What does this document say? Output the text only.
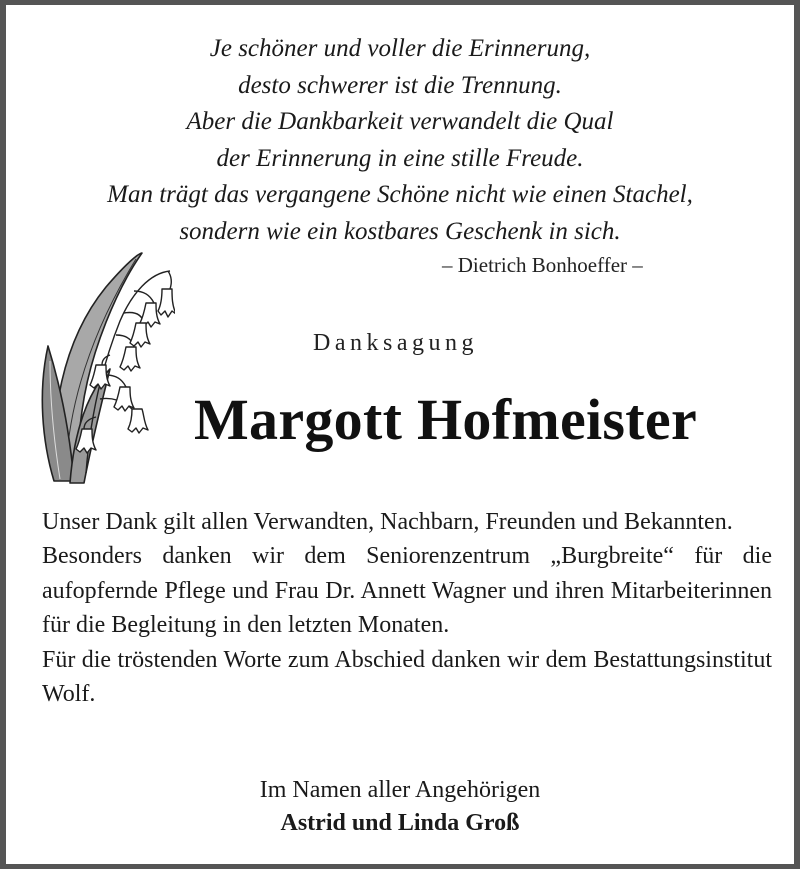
Je schöner und voller die Erinnerung,
desto schwerer ist die Trennung.
Aber die Dankbarkeit verwandelt die Qual
der Erinnerung in eine stille Freude.
Man trägt das vergangene Schöne nicht wie einen Stachel,
sondern wie ein kostbares Geschenk in sich.
– Dietrich Bonhoeffer –
Danksagung
Margott Hofmeister

Unser Dank gilt allen Verwandten, Nachbarn, Freunden und Bekannten.

Besonders danken wir dem Seniorenzentrum „Burgbreite“ für die aufopfernde Pflege und Frau Dr. Annett Wagner und ihren Mitarbeiterinnen für die Begleitung in den letzten Monaten.

Für die tröstenden Worte zum Abschied danken wir dem Bestattungsinstitut Wolf.

Im Namen aller Angehörigen
Astrid und Linda Groß
